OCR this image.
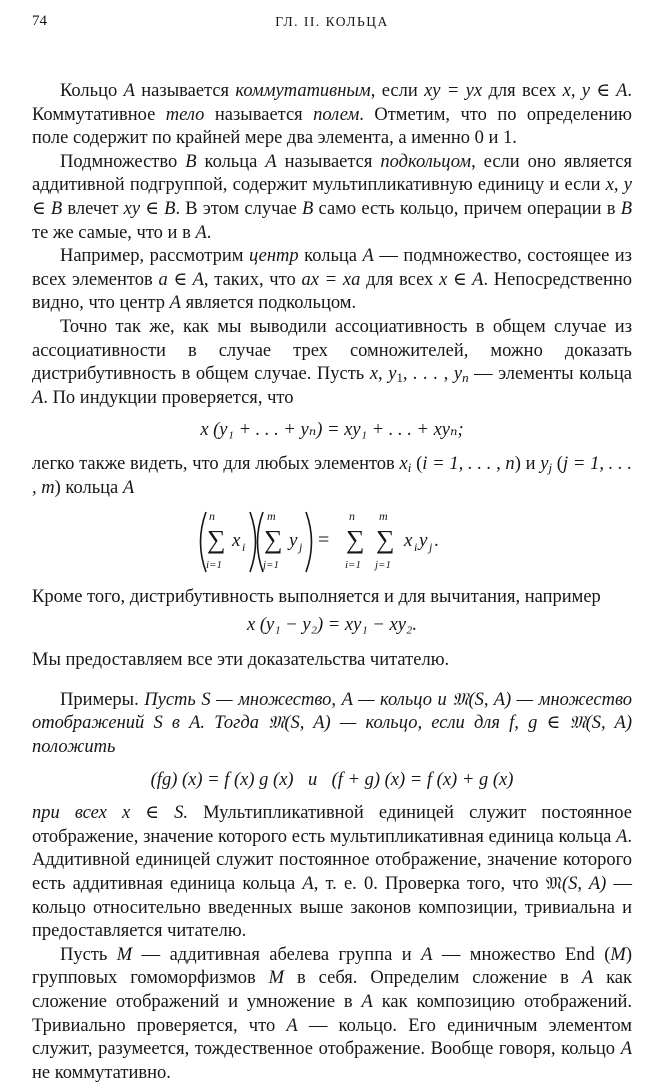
74	ГЛ. II. КОЛЬЦА

Кольцо A называется коммутативным, если xy = yx для всех x, y ∈ A. Коммутативное тело называется полем. Отметим, что по определению поле содержит по крайней мере два элемента, а именно 0 и 1.

Подмножество B кольца A называется подкольцом, если оно является аддитивной подгруппой, содержит мультипликативную единицу и если x, y ∈ B влечет xy ∈ B. В этом случае B само есть кольцо, причем операции в B те же самые, что и в A.

Например, рассмотрим центр кольца A — подмножество, состоящее из всех элементов a ∈ A, таких, что ax = xa для всех x ∈ A. Непосредственно видно, что центр A является подкольцом.

Точно так же, как мы выводили ассоциативность в общем случае из ассоциативности в случае трех сомножителей, можно доказать дистрибутивность в общем случае. Пусть x, $y_1$, . . . , $y_n$ — элементы кольца A. По индукции проверяется, что

x (y₁ + . . . + yₙ) = xy₁ + . . . + xyₙ;

легко также видеть, что для любых элементов $x_i$ (i = 1, . . . , n) и $y_j$ (j = 1, . . . , m) кольца A

n
∑
i=1
x i
m
∑
j=1
y j =
n
∑
i=1
m
∑
j=1
x i y j .

Кроме того, дистрибутивность выполняется и для вычитания, например

x (y₁ − y₂) = xy₁ − xy₂.

Мы предоставляем все эти доказательства читателю.

Примеры. Пусть S — множество, A — кольцо и 𝔐(S, A) — множество отображений S в A. Тогда 𝔐(S, A) — кольцо, если для f, g ∈ 𝔐(S, A) положить

(fg) (x) = f (x) g (x) и (f + g) (x) = f (x) + g (x)

при всех x ∈ S. Мультипликативной единицей служит постоянное отображение, значение которого есть мультипликативная единица кольца A. Аддитивной единицей служит постоянное отображение, значение которого есть аддитивная единица кольца A, т. е. 0. Проверка того, что 𝔐(S, A) — кольцо относительно введенных выше законов композиции, тривиальна и предоставляется читателю.

Пусть M — аддитивная абелева группа и A — множество End (M) групповых гомоморфизмов M в себя. Определим сложение в A как сложение отображений и умножение в A как композицию отображений. Тривиально проверяется, что A — кольцо. Его единичным элементом служит, разумеется, тождественное отображение. Вообще говоря, кольцо A не коммутативно.
